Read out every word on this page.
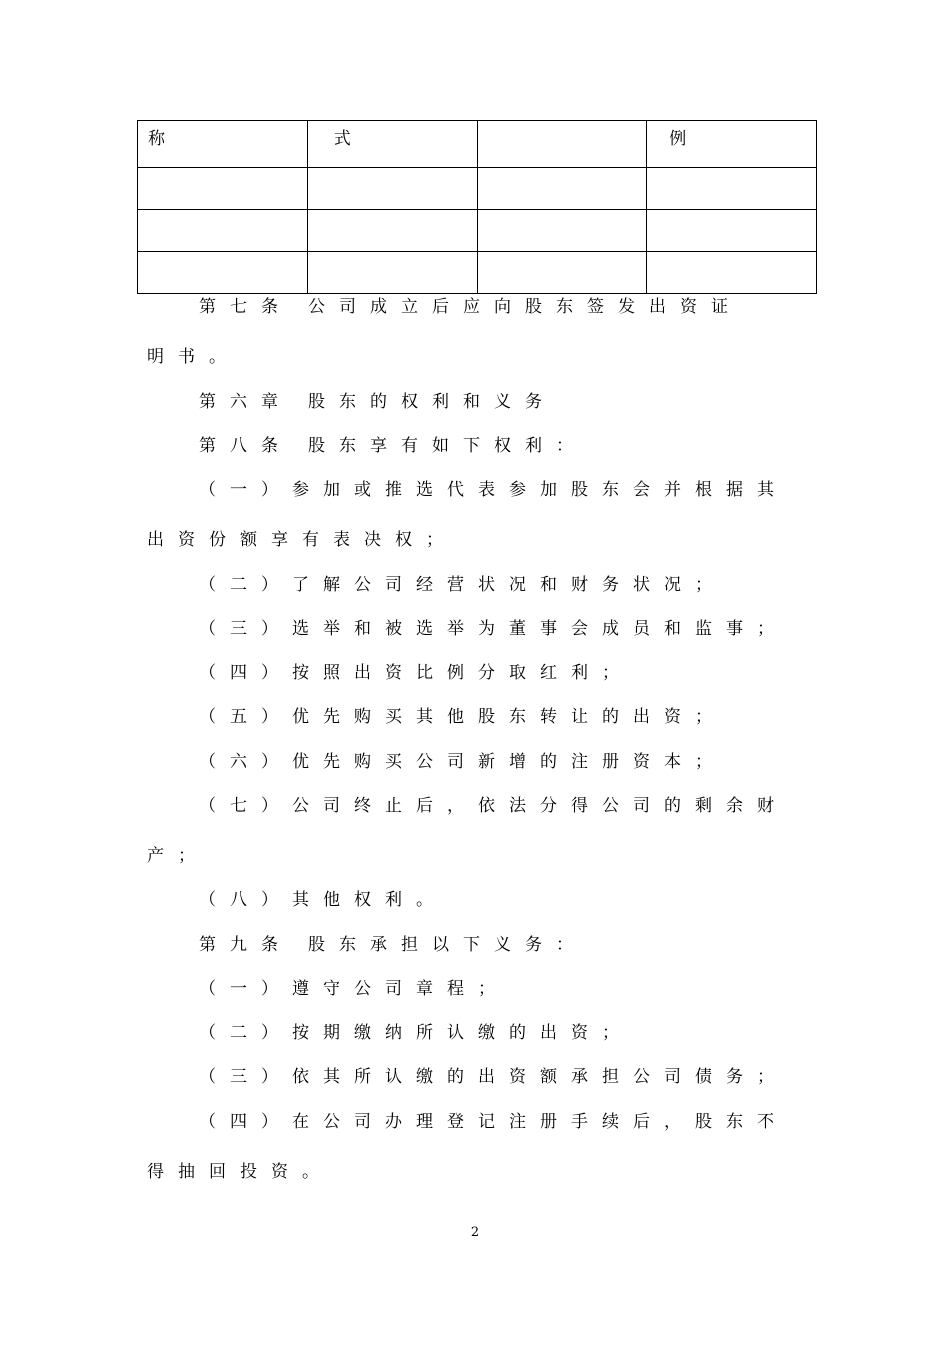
称	式		例

第七条 公司成立后应向股东签发出资证
明书。
第六章 股东的权利和义务
第八条 股东享有如下权利：
（一）参加或推选代表参加股东会并根据其
出资份额享有表决权；
（二）了解公司经营状况和财务状况；
（三）选举和被选举为董事会成员和监事；
（四）按照出资比例分取红利；
（五）优先购买其他股东转让的出资；
（六）优先购买公司新增的注册资本；
（七）公司终止后，依法分得公司的剩余财
产；
（八）其他权利。
第九条 股东承担以下义务：
（一）遵守公司章程；
（二）按期缴纳所认缴的出资；
（三）依其所认缴的出资额承担公司债务；
（四）在公司办理登记注册手续后，股东不
得抽回投资。
2
